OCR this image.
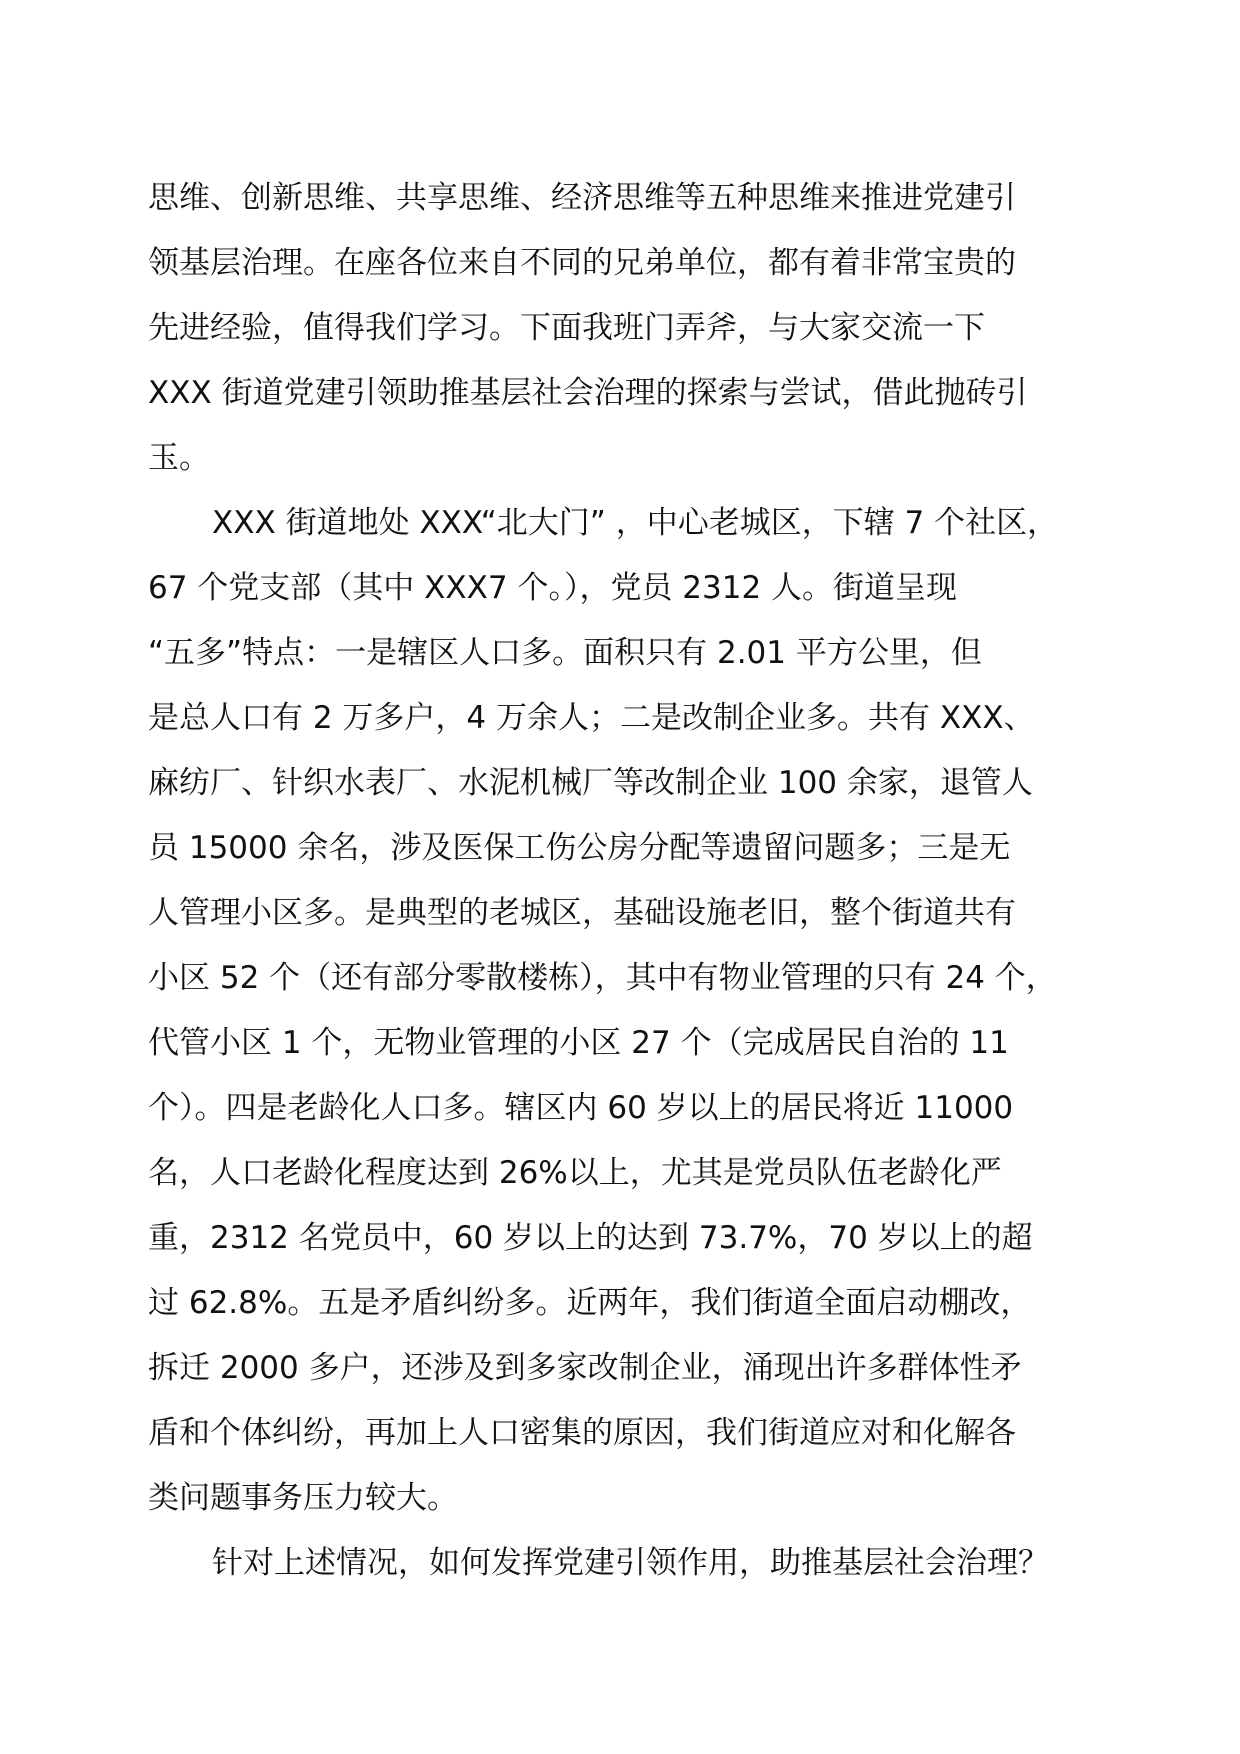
思维、创新思维、共享思维、经济思维等五种思维来推进党建引
领基层治理。在座各位来自不同的兄弟单位，都有着非常宝贵的
先进经验，值得我们学习。下面我班门弄斧，与大家交流一下
XXX 街道党建引领助推基层社会治理的探索与尝试，借此抛砖引
玉。
XXX 街道地处 XXX“北大门” ，中心老城区，下辖 7 个社区，
67 个党支部（其中 XXX7 个。），党员 2312 人。街道呈现
“五多”特点：一是辖区人口多。面积只有 2.01 平方公里，但
是总人口有 2 万多户，4 万余人；二是改制企业多。共有 XXX、
麻纺厂、针织水表厂、水泥机械厂等改制企业 100 余家，退管人
员 15000 余名，涉及医保工伤公房分配等遗留问题多；三是无
人管理小区多。是典型的老城区，基础设施老旧，整个街道共有
小区 52 个（还有部分零散楼栋），其中有物业管理的只有 24 个，
代管小区 1 个，无物业管理的小区 27 个（完成居民自治的 11
个）。四是老龄化人口多。辖区内 60 岁以上的居民将近 11000
名，人口老龄化程度达到 26%以上，尤其是党员队伍老龄化严
重，2312 名党员中，60 岁以上的达到 73.7%，70 岁以上的超
过 62.8%。五是矛盾纠纷多。近两年，我们街道全面启动棚改，
拆迁 2000 多户，还涉及到多家改制企业，涌现出许多群体性矛
盾和个体纠纷，再加上人口密集的原因，我们街道应对和化解各
类问题事务压力较大。
针对上述情况，如何发挥党建引领作用，助推基层社会治理？
